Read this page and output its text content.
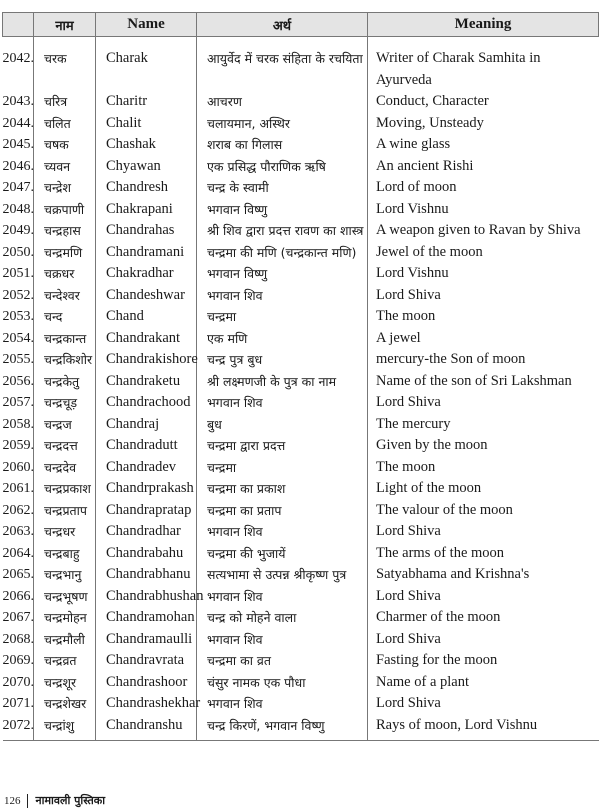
	नाम	Name	अर्थ	Meaning
2042.	चरक	Charak	आयुर्वेद में चरक संहिता के रचयिता	Writer of Charak Samhita in Ayurveda
2043.	चरित्र	Charitr	आचरण	Conduct, Character
2044.	चलित	Chalit	चलायमान, अस्थिर	Moving, Unsteady
2045.	चषक	Chashak	शराब का गिलास	A wine glass
2046.	च्यवन	Chyawan	एक प्रसिद्ध पौराणिक ऋषि	An ancient Rishi
2047.	चन्द्रेश	Chandresh	चन्द्र के स्वामी	Lord of moon
2048.	चक्रपाणी	Chakrapani	भगवान विष्णु	Lord Vishnu
2049.	चन्द्रहास	Chandrahas	श्री शिव द्वारा प्रदत्त रावण का शास्त्र	A weapon given to Ravan by Shiva
2050.	चन्द्रमणि	Chandramani	चन्द्रमा की मणि (चन्द्रकान्त मणि)	Jewel of the moon
2051.	चक्रधर	Chakradhar	भगवान विष्णु	Lord Vishnu
2052.	चन्देश्वर	Chandeshwar	भगवान शिव	Lord Shiva
2053.	चन्द	Chand	चन्द्रमा	The moon
2054.	चन्द्रकान्त	Chandrakant	एक मणि	A jewel
2055.	चन्द्रकिशोर	Chandrakishore	चन्द्र पुत्र बुध	mercury-the Son of moon
2056.	चन्द्रकेतु	Chandraketu	श्री लक्ष्मणजी के पुत्र का नाम	Name of the son of Sri Lakshman
2057.	चन्द्रचूड़	Chandrachood	भगवान शिव	Lord Shiva
2058.	चन्द्रज	Chandraj	बुध	The mercury
2059.	चन्द्रदत्त	Chandradutt	चन्द्रमा द्वारा प्रदत्त	Given by the moon
2060.	चन्द्रदेव	Chandradev	चन्द्रमा	The moon
2061.	चन्द्रप्रकाश	Chandrprakash	चन्द्रमा का प्रकाश	Light of the moon
2062.	चन्द्रप्रताप	Chandrapratap	चन्द्रमा का प्रताप	The valour of the moon
2063.	चन्द्रधर	Chandradhar	भगवान शिव	Lord Shiva
2064.	चन्द्रबाहु	Chandrabahu	चन्द्रमा की भुजायें	The arms of the moon
2065.	चन्द्रभानु	Chandrabhanu	सत्यभामा से उत्पन्न श्रीकृष्ण पुत्र	Satyabhama and Krishna's
2066.	चन्द्रभूषण	Chandrabhushan	भगवान शिव	Lord Shiva
2067.	चन्द्रमोहन	Chandramohan	चन्द्र को मोहने वाला	Charmer of the moon
2068.	चन्द्रमौली	Chandramaulli	भगवान शिव	Lord Shiva
2069.	चन्द्रव्रत	Chandravrata	चन्द्रमा का व्रत	Fasting for the moon
2070.	चन्द्रशूर	Chandrashoor	चंसुर नामक एक पौधा	Name of a plant
2071.	चन्द्रशेखर	Chandrashekhar	भगवान शिव	Lord Shiva
2072.	चन्द्रांशु	Chandranshu	चन्द्र किरणें, भगवान विष्णु	Rays of moon, Lord Vishnu
126 नामावली पुस्तिका
